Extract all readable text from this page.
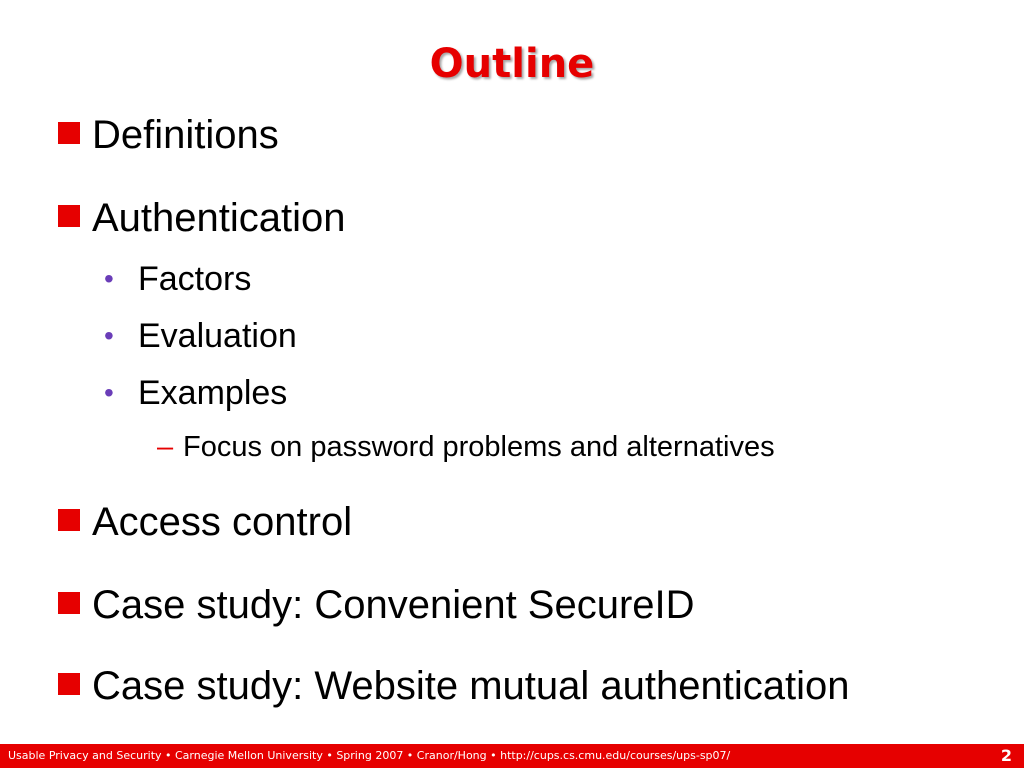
Outline
Definitions
Authentication
• Factors
• Evaluation
• Examples
– Focus on password problems and alternatives
Access control
Case study: Convenient SecureID
Case study: Website mutual authentication
Usable Privacy and Security • Carnegie Mellon University • Spring 2007 • Cranor/Hong • http://cups.cs.cmu.edu/courses/ups-sp07/	2
